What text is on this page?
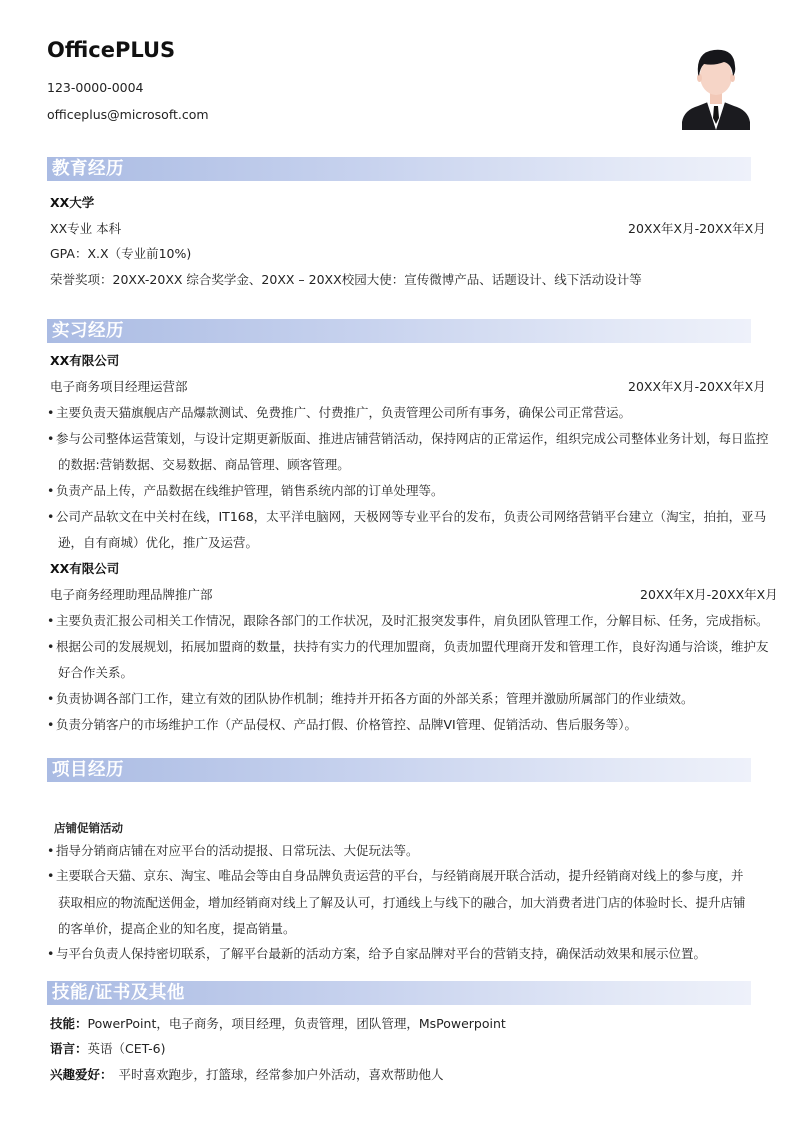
OfficePLUS
123-0000-0004
officeplus@microsoft.com
教育经历
XX大学
XX专业 本科	20XX年X月-20XX年X月
GPA：X.X（专业前10%)
荣誉奖项：20XX-20XX 综合奖学金、20XX – 20XX校园大使：宣传微博产品、话题设计、线下活动设计等
实习经历
XX有限公司
电子商务项目经理运营部	20XX年X月-20XX年X月
• 主要负责天猫旗舰店产品爆款测试、免费推广、付费推广，负责管理公司所有事务，确保公司正常营运。
• 参与公司整体运营策划，与设计定期更新版面、推进店铺营销活动，保持网店的正常运作，组织完成公司整体业务计划，每日监控
的数据:营销数据、交易数据、商品管理、顾客管理。
• 负责产品上传，产品数据在线维护管理，销售系统内部的订单处理等。
• 公司产品软文在中关村在线，IT168，太平洋电脑网，天极网等专业平台的发布，负责公司网络营销平台建立（淘宝，拍拍，亚马
逊，自有商城）优化，推广及运营。
XX有限公司
电子商务经理助理品牌推广部	20XX年X月-20XX年X月
• 主要负责汇报公司相关工作情况，跟除各部门的工作状况，及时汇报突发事件，肩负团队管理工作，分解目标、任务，完成指标。
• 根据公司的发展规划，拓展加盟商的数量，扶持有实力的代理加盟商，负责加盟代理商开发和管理工作，良好沟通与洽谈，维护友
好合作关系。
• 负责协调各部门工作，建立有效的团队协作机制；维持并开拓各方面的外部关系；管理并激励所属部门的作业绩效。
• 负责分销客户的市场维护工作（产品侵权、产品打假、价格管控、品牌VI管理、促销活动、售后服务等）。
项目经历
店铺促销活动
• 指导分销商店铺在对应平台的活动提报、日常玩法、大促玩法等。
• 主要联合天猫、京东、淘宝、唯品会等由自身品牌负责运营的平台，与经销商展开联合活动，提升经销商对线上的参与度，并
获取相应的物流配送佣金，增加经销商对线上了解及认可，打通线上与线下的融合，加大消费者进门店的体验时长、提升店铺
的客单价，提高企业的知名度，提高销量。
• 与平台负责人保持密切联系，了解平台最新的活动方案，给予自家品牌对平台的营销支持，确保活动效果和展示位置。
技能/证书及其他
技能：PowerPoint，电子商务，项目经理，负责管理，团队管理，MsPowerpoint
语言：英语（CET-6)
兴趣爱好： 平时喜欢跑步，打篮球，经常参加户外活动，喜欢帮助他人
